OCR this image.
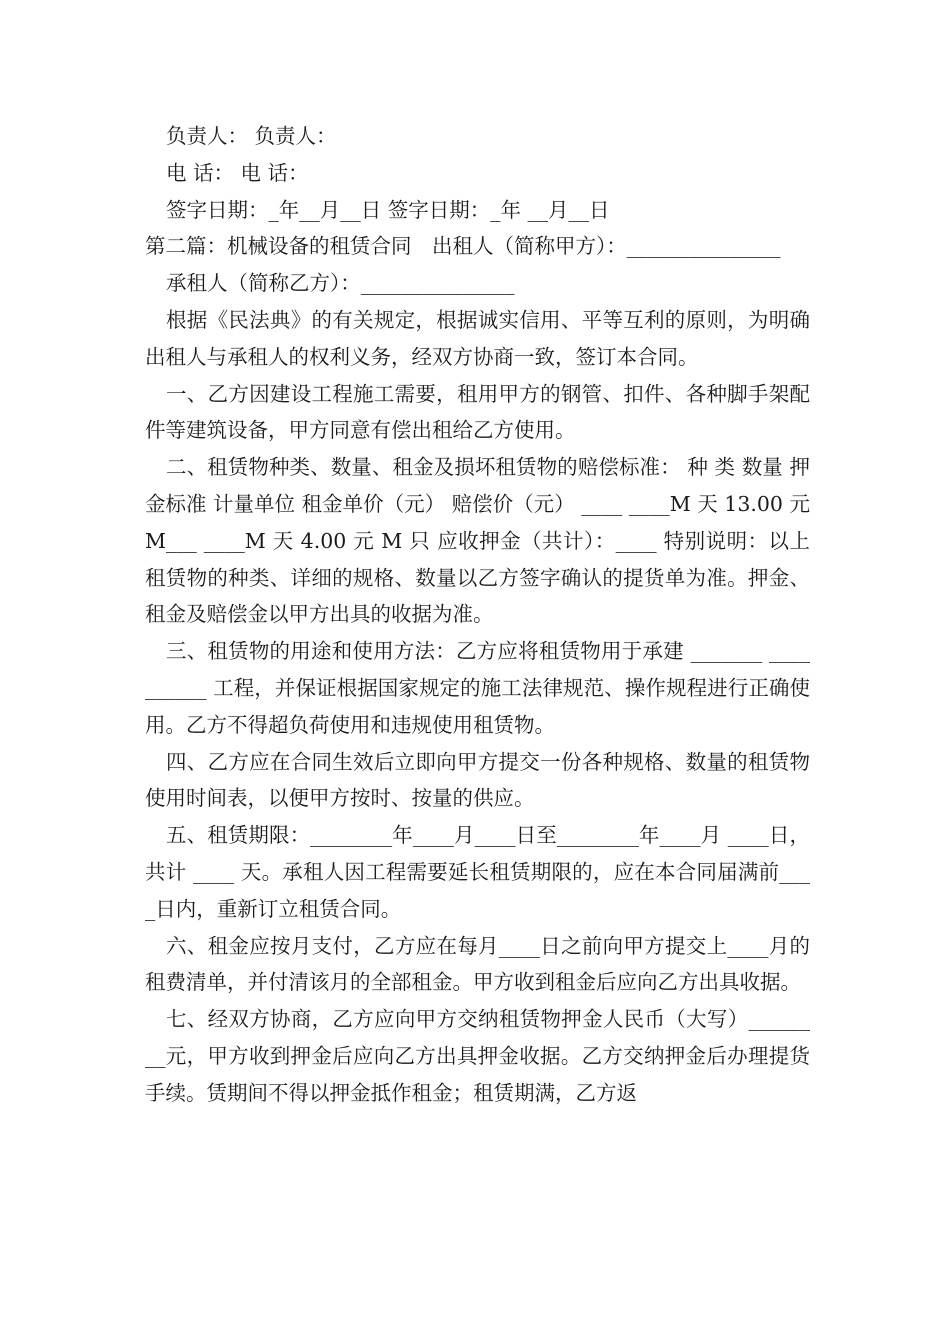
负责人： 负责人：

电 话： 电 话：

签字日期：_年__月__日 签字日期：_年 __月__日

第二篇：机械设备的租赁合同　出租人（简称甲方）：_______________

承租人（简称乙方）：_______________

根据《民法典》的有关规定，根据诚实信用、平等互利的原则，为明确出租人与承租人的权利义务，经双方协商一致，签订本合同。

一、乙方因建设工程施工需要，租用甲方的钢管、扣件、各种脚手架配件等建筑设备，甲方同意有偿出租给乙方使用。

二、租赁物种类、数量、租金及损坏租赁物的赔偿标准： 种 类 数量 押金标准 计量单位 租金单价（元） 赔偿价（元） ____ ____M 天 13.00 元 M___ ____M 天 4.00 元 M 只 应收押金（共计）：____ 特别说明：以上租赁物的种类、详细的规格、数量以乙方签字确认的提货单为准。押金、租金及赔偿金以甲方出具的收据为准。

三、租赁物的用途和使用方法：乙方应将租赁物用于承建 _______ __________ 工程，并保证根据国家规定的施工法律规范、操作规程进行正确使用。乙方不得超负荷使用和违规使用租赁物。

四、乙方应在合同生效后立即向甲方提交一份各种规格、数量的租赁物使用时间表，以便甲方按时、按量的供应。

五、租赁期限：________年____月____日至________年____月 ____日，共计 ____ 天。承租人因工程需要延长租赁期限的，应在本合同届满前____日内，重新订立租赁合同。

六、租金应按月支付，乙方应在每月____日之前向甲方提交上____月的租费清单，并付清该月的全部租金。甲方收到租金后应向乙方出具收据。

七、经双方协商，乙方应向甲方交纳租赁物押金人民币（大写）________元，甲方收到押金后应向乙方出具押金收据。乙方交纳押金后办理提货手续。赁期间不得以押金抵作租金；租赁期满，乙方返
